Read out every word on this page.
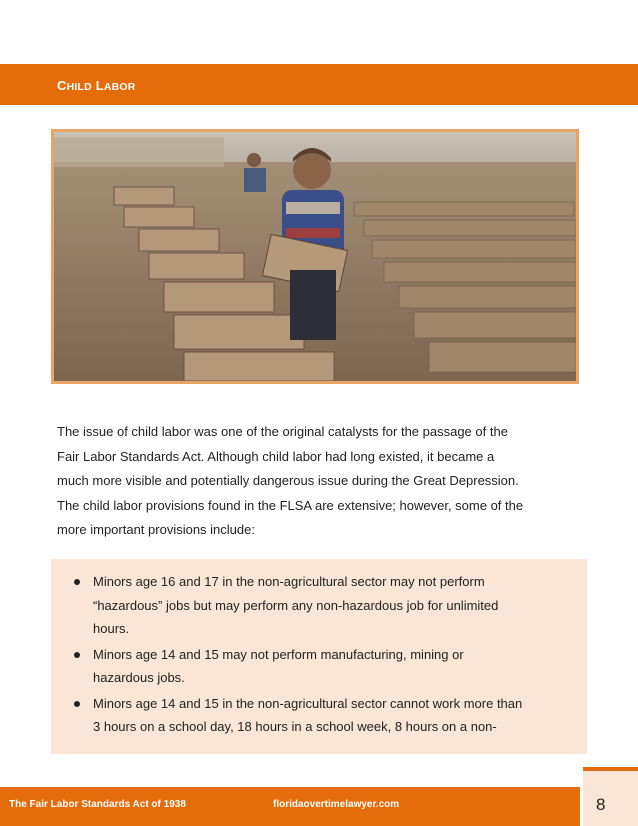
CHILD LABOR

The issue of child labor was one of the original catalysts for the passage of the

Fair Labor Standards Act. Although child labor had long existed, it became a

much more visible and potentially dangerous issue during the Great Depression.

The child labor provisions found in the FLSA are extensive; however, some of the

more important provisions include:

Minors age 16 and 17 in the non-agricultural sector may not perform
“hazardous” jobs but may perform any non-hazardous job for unlimited
hours.
Minors age 14 and 15 may not perform manufacturing, mining or
hazardous jobs.
Minors age 14 and 15 in the non-agricultural sector cannot work more than
3 hours on a school day, 18 hours in a school week, 8 hours on a non-
The Fair Labor Standards Act of 1938	floridaovertimelawyer.com	8
